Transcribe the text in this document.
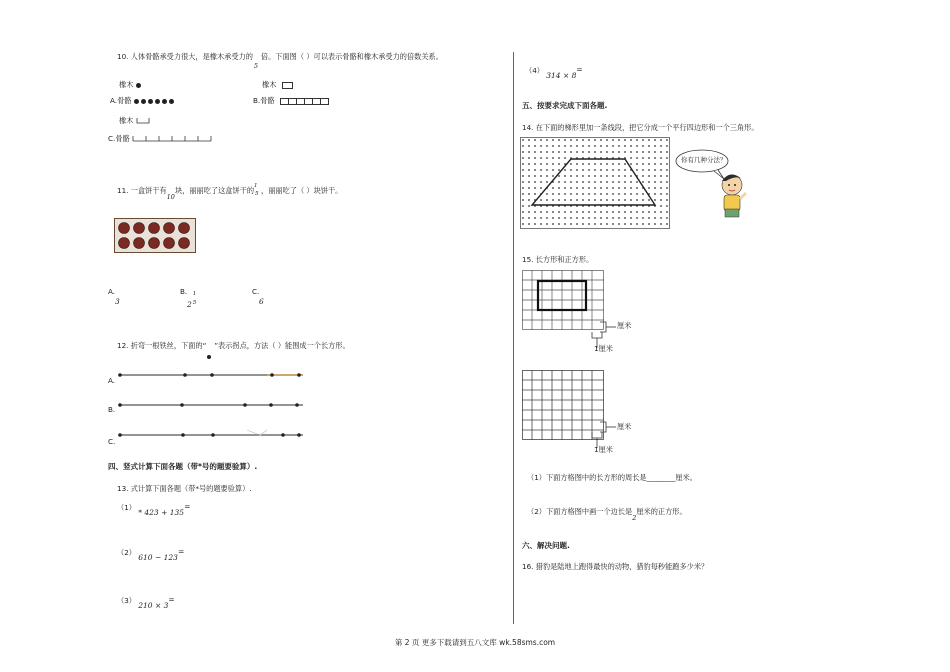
10. 人体骨骼承受力很大，是橡木承受力的
5
倍。下面图（ ）可以表示骨骼和橡木承受力的倍数关系。
橡木
A.骨骼
橡木
B.骨骼
橡木
C.骨骼
11. 一盒饼干有10块，丽丽吃了这盒饼干的 1
5 ，丽丽吃了（ ）块饼干。
A.
3
B.
2
1
5
C.
6
12. 折弯一根铁丝，下面的“ ”表示拐点，方法（ ）能围成一个长方形。
A.
B.
C.
四、竖式计算下面各题（带*号的题要验算）.
13. 式计算下面各题（带*号的题要验算）.
（1） * 423 + 135=
（2） 610 − 123=
（3） 210 × 3=
（4） 314 × 8=
五、按要求完成下面各题.
14. 在下面的梯形里加一条线段，把它分成一个平行四边形和一个三角形。
你有几种分法？
15. 长方形和正方形。
厘米
1厘米
厘米
1厘米
（1）下面方格图中的长方形的周长是________厘米。
（2）下面方格图中画一个边长是2厘米的正方形。
六、解决问题.
16. 猎豹是陆地上跑得最快的动物，猎豹每秒能跑多少米？
第 2 页 更多下载请到五八文库 wk.58sms.com
